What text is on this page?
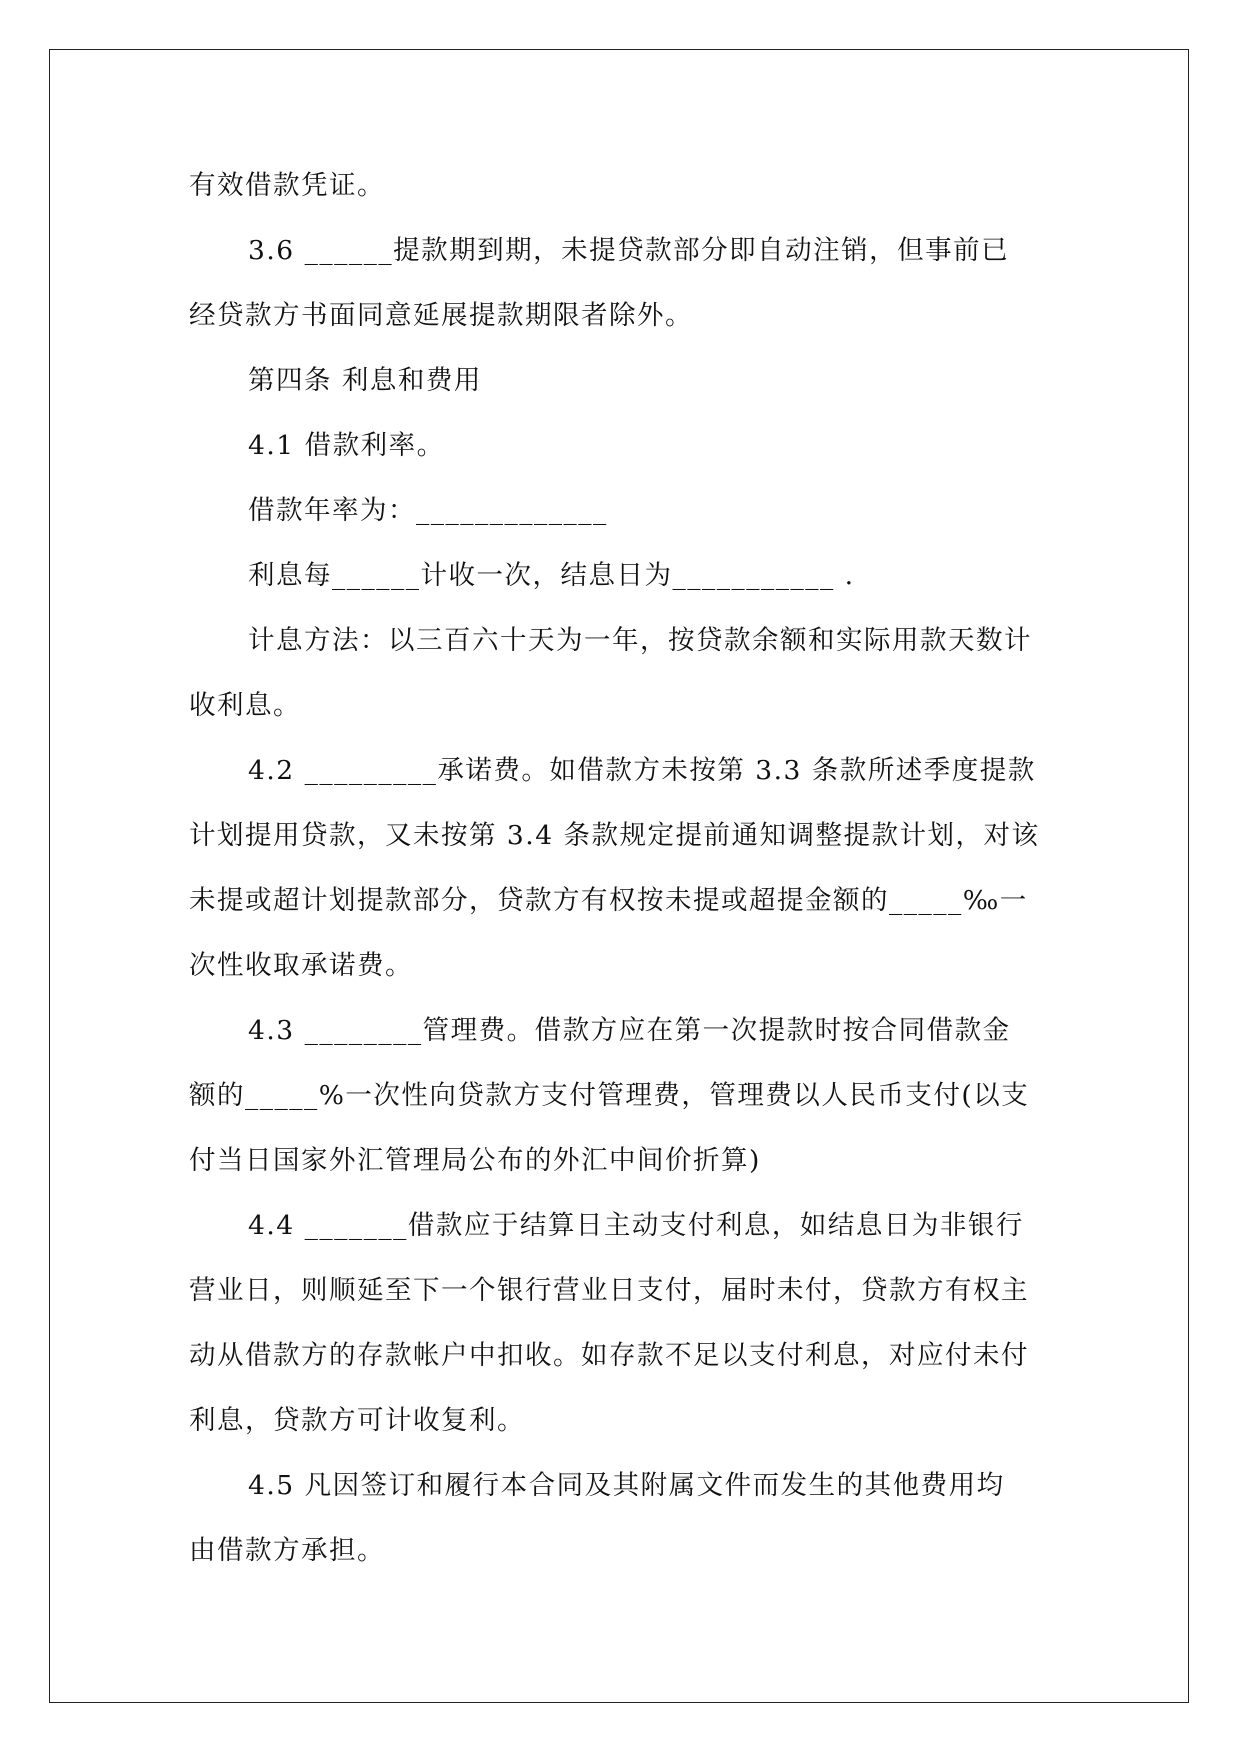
有效借款凭证。

3.6 ______提款期到期，未提贷款部分即自动注销，但事前已
经贷款方书面同意延展提款期限者除外。

第四条 利息和费用

4.1 借款利率。

借款年率为：_____________

利息每______计收一次，结息日为___________ .

计息方法：以三百六十天为一年，按贷款余额和实际用款天数计
收利息。

4.2 _________承诺费。如借款方未按第 3.3 条款所述季度提款
计划提用贷款，又未按第 3.4 条款规定提前通知调整提款计划，对该
未提或超计划提款部分，贷款方有权按未提或超提金额的_____‰一
次性收取承诺费。

4.3 ________管理费。借款方应在第一次提款时按合同借款金
额的_____%一次性向贷款方支付管理费，管理费以人民币支付(以支
付当日国家外汇管理局公布的外汇中间价折算)

4.4 _______借款应于结算日主动支付利息，如结息日为非银行
营业日，则顺延至下一个银行营业日支付，届时未付，贷款方有权主
动从借款方的存款帐户中扣收。如存款不足以支付利息，对应付未付
利息，贷款方可计收复利。

4.5 凡因签订和履行本合同及其附属文件而发生的其他费用均
由借款方承担。
